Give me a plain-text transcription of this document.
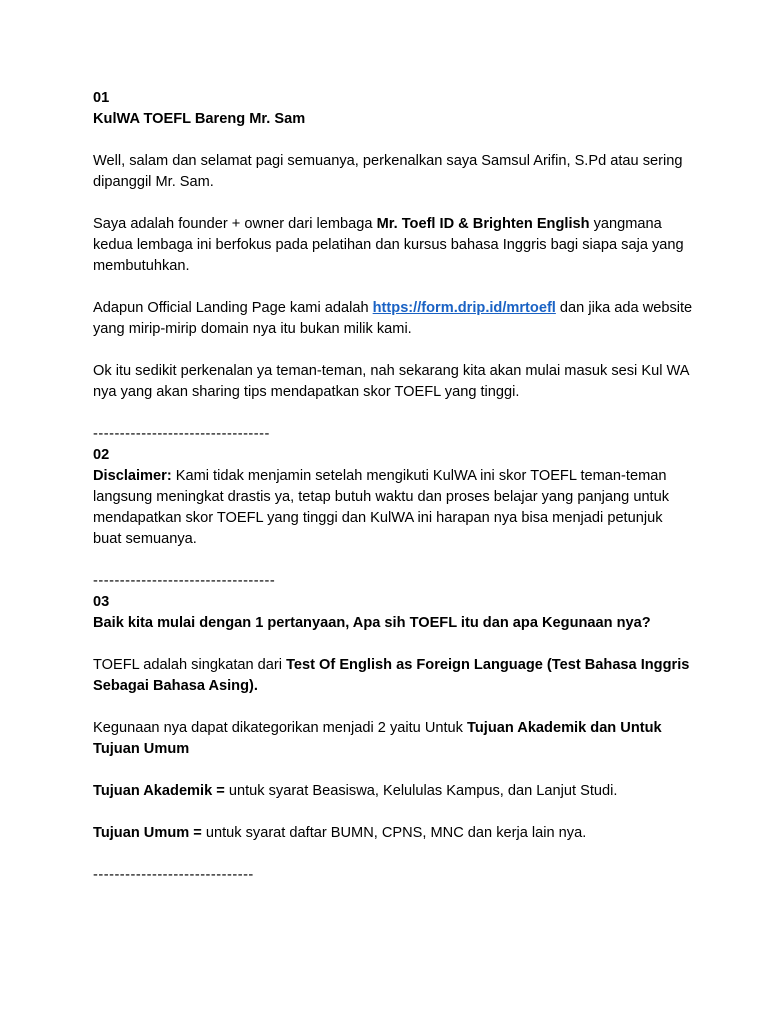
01

KulWA TOEFL Bareng Mr. Sam

Well, salam dan selamat pagi semuanya, perkenalkan saya Samsul Arifin, S.Pd atau sering dipanggil Mr. Sam.

Saya adalah founder + owner dari lembaga Mr. Toefl ID & Brighten English yangmana kedua lembaga ini berfokus pada pelatihan dan kursus bahasa Inggris bagi siapa saja yang membutuhkan.

Adapun Official Landing Page kami adalah https://form.drip.id/mrtoefl dan jika ada website yang mirip-mirip domain nya itu bukan milik kami.

Ok itu sedikit perkenalan ya teman-teman, nah sekarang kita akan mulai masuk sesi Kul WA nya yang akan sharing tips mendapatkan skor TOEFL yang tinggi.

---------------------------------

02

Disclaimer: Kami tidak menjamin setelah mengikuti KulWA ini skor TOEFL teman-teman langsung meningkat drastis ya, tetap butuh waktu dan proses belajar yang panjang untuk mendapatkan skor TOEFL yang tinggi dan KulWA ini harapan nya bisa menjadi petunjuk buat semuanya.

----------------------------------

03

Baik kita mulai dengan 1 pertanyaan, Apa sih TOEFL itu dan apa Kegunaan nya?

TOEFL adalah singkatan dari Test Of English as Foreign Language (Test Bahasa Inggris Sebagai Bahasa Asing).

Kegunaan nya dapat dikategorikan menjadi 2 yaitu Untuk Tujuan Akademik dan Untuk Tujuan Umum

Tujuan Akademik = untuk syarat Beasiswa, Kelululas Kampus, dan Lanjut Studi.

Tujuan Umum = untuk syarat daftar BUMN, CPNS, MNC dan kerja lain nya.

------------------------------
